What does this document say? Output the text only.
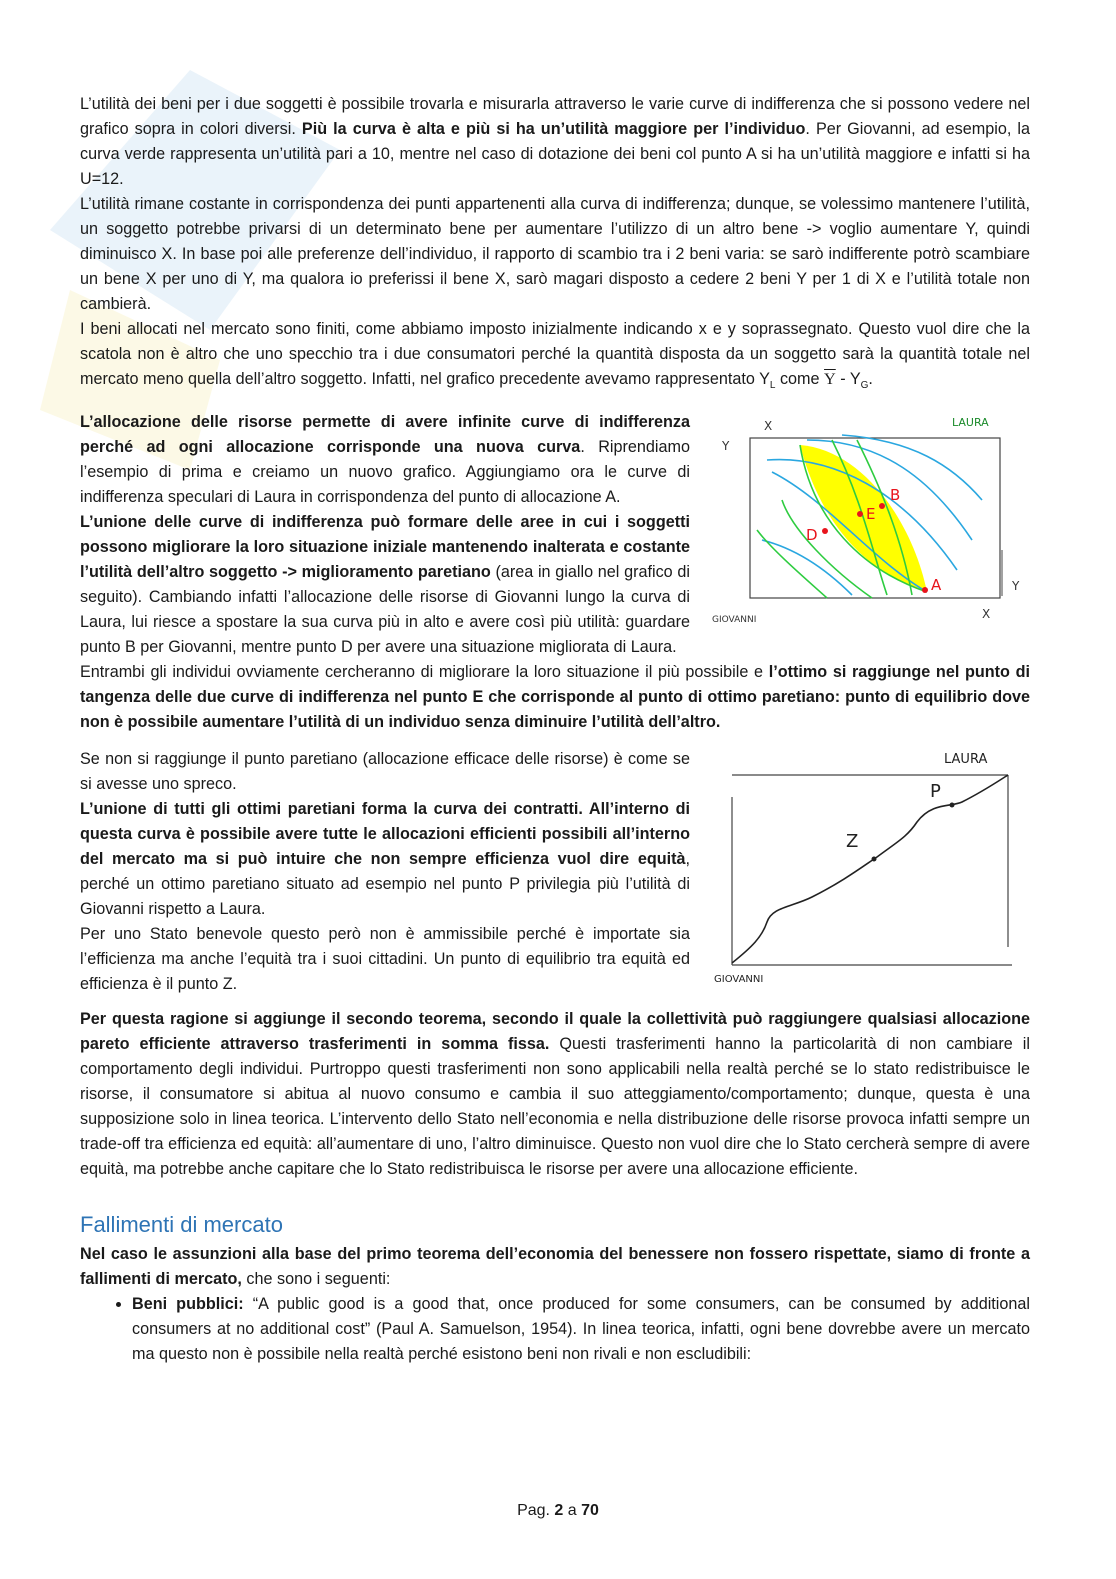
L’utilità dei beni per i due soggetti è possibile trovarla e misurarla attraverso le varie curve di indifferenza che si possono vedere nel grafico sopra in colori diversi. Più la curva è alta e più si ha un’utilità maggiore per l’individuo. Per Giovanni, ad esempio, la curva verde rappresenta un’utilità pari a 10, mentre nel caso di dotazione dei beni col punto A si ha un’utilità maggiore e infatti si ha U=12.

L’utilità rimane costante in corrispondenza dei punti appartenenti alla curva di indifferenza; dunque, se volessimo mantenere l’utilità, un soggetto potrebbe privarsi di un determinato bene per aumentare l’utilizzo di un altro bene -> voglio aumentare Y, quindi diminuisco X. In base poi alle preferenze dell’individuo, il rapporto di scambio tra i 2 beni varia: se sarò indifferente potrò scambiare un bene X per uno di Y, ma qualora io preferissi il bene X, sarò magari disposto a cedere 2 beni Y per 1 di X e l’utilità totale non cambierà.

I beni allocati nel mercato sono finiti, come abbiamo imposto inizialmente indicando x e y soprassegnato. Questo vuol dire che la scatola non è altro che uno specchio tra i due consumatori perché la quantità disposta da un soggetto sarà la quantità totale nel mercato meno quella dell’altro soggetto. Infatti, nel grafico precedente avevamo rappresentato $Y_L$ come $\overline{Y} - Y_G$.

A
B
D
E
LAURA
GIOVANNI
X
Y
Y
X

L’allocazione delle risorse permette di avere infinite curve di indifferenza perché ad ogni allocazione corrisponde una nuova curva. Riprendiamo l’esempio di prima e creiamo un nuovo grafico. Aggiungiamo ora le curve di indifferenza speculari di Laura in corrispondenza del punto di allocazione A.

L’unione delle curve di indifferenza può formare delle aree in cui i soggetti possono migliorare la loro situazione iniziale mantenendo inalterata e costante l’utilità dell’altro soggetto -> miglioramento paretiano (area in giallo nel grafico di seguito). Cambiando infatti l’allocazione delle risorse di Giovanni lungo la curva di Laura, lui riesce a spostare la sua curva più in alto e avere così più utilità: guardare punto B per Giovanni, mentre punto D per avere una situazione migliorata di Laura.

Entrambi gli individui ovviamente cercheranno di migliorare la loro situazione il più possibile e l’ottimo si raggiunge nel punto di tangenza delle due curve di indifferenza nel punto E che corrisponde al punto di ottimo paretiano: punto di equilibrio dove non è possibile aumentare l’utilità di un individuo senza diminuire l’utilità dell’altro.

P
Z
LAURA
GIOVANNI

Se non si raggiunge il punto paretiano (allocazione efficace delle risorse) è come se si avesse uno spreco.

L’unione di tutti gli ottimi paretiani forma la curva dei contratti. All’interno di questa curva è possibile avere tutte le allocazioni efficienti possibili all’interno del mercato ma si può intuire che non sempre efficienza vuol dire equità, perché un ottimo paretiano situato ad esempio nel punto P privilegia più l’utilità di Giovanni rispetto a Laura.

Per uno Stato benevole questo però non è ammissibile perché è importate sia l’efficienza ma anche l’equità tra i suoi cittadini. Un punto di equilibrio tra equità ed efficienza è il punto Z.

Per questa ragione si aggiunge il secondo teorema, secondo il quale la collettività può raggiungere qualsiasi allocazione pareto efficiente attraverso trasferimenti in somma fissa. Questi trasferimenti hanno la particolarità di non cambiare il comportamento degli individui. Purtroppo questi trasferimenti non sono applicabili nella realtà perché se lo stato redistribuisce le risorse, il consumatore si abitua al nuovo consumo e cambia il suo atteggiamento/comportamento; dunque, questa è una supposizione solo in linea teorica. L’intervento dello Stato nell’economia e nella distribuzione delle risorse provoca infatti sempre un trade-off tra efficienza ed equità: all’aumentare di uno, l’altro diminuisce. Questo non vuol dire che lo Stato cercherà sempre di avere equità, ma potrebbe anche capitare che lo Stato redistribuisca le risorse per avere una allocazione efficiente.

Fallimenti di mercato

Nel caso le assunzioni alla base del primo teorema dell’economia del benessere non fossero rispettate, siamo di fronte a fallimenti di mercato, che sono i seguenti:

• Beni pubblici: “A public good is a good that, once produced for some consumers, can be consumed by additional consumers at no additional cost” (Paul A. Samuelson, 1954). In linea teorica, infatti, ogni bene dovrebbe avere un mercato ma questo non è possibile nella realtà perché esistono beni non rivali e non escludibili:
Pag. 2 a 70
